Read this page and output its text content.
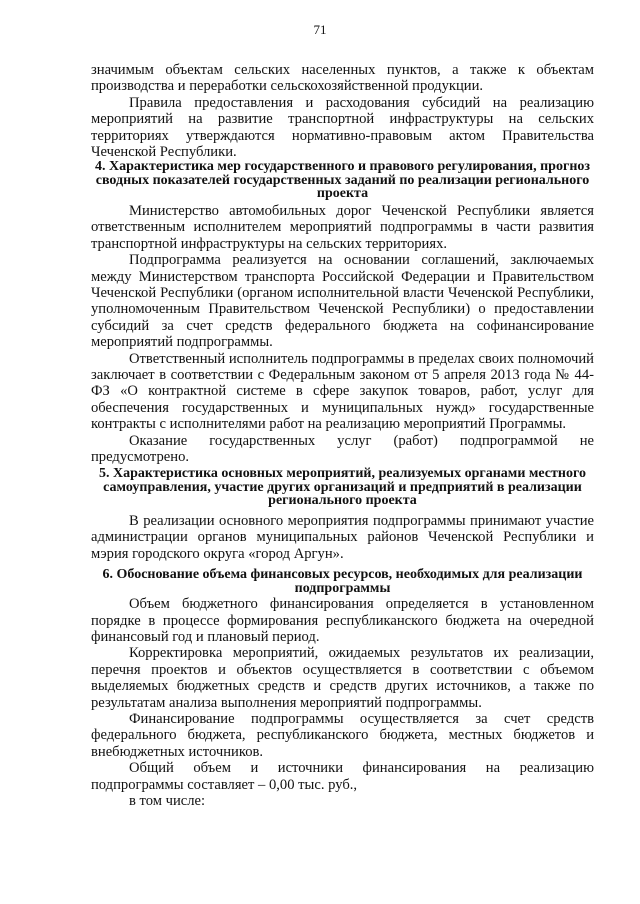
71

значимым объектам сельских населенных пунктов, а также к объектам производства и переработки сельскохозяйственной продукции.

Правила предоставления и расходования субсидий на реализацию мероприятий на развитие транспортной инфраструктуры на сельских территориях утверждаются нормативно-правовым актом Правительства Чеченской Республики.

4. Характеристика мер государственного и правового регулирования, прогноз сводных показателей государственных заданий по реализации регионального проекта

Министерство автомобильных дорог Чеченской Республики является ответственным исполнителем мероприятий подпрограммы в части развития транспортной инфраструктуры на сельских территориях.

Подпрограмма реализуется на основании соглашений, заключаемых между Министерством транспорта Российской Федерации и Правительством Чеченской Республики (органом исполнительной власти Чеченской Республики, уполномоченным Правительством Чеченской Республики) о предоставлении субсидий за счет средств федерального бюджета на софинансирование мероприятий подпрограммы.

Ответственный исполнитель подпрограммы в пределах своих полномочий заключает в соответствии с Федеральным законом от 5 апреля 2013 года № 44-ФЗ «О контрактной системе в сфере закупок товаров, работ, услуг для обеспечения государственных и муниципальных нужд» государственные контракты с исполнителями работ на реализацию мероприятий Программы.

Оказание государственных услуг (работ) подпрограммой не предусмотрено.

5. Характеристика основных мероприятий, реализуемых органами местного самоуправления, участие других организаций и предприятий в реализации регионального проекта

В реализации основного мероприятия подпрограммы принимают участие администрации органов муниципальных районов Чеченской Республики и мэрия городского округа «город Аргун».

6. Обоснование объема финансовых ресурсов, необходимых для реализации подпрограммы

Объем бюджетного финансирования определяется в установленном порядке в процессе формирования республиканского бюджета на очередной финансовый год и плановый период.

Корректировка мероприятий, ожидаемых результатов их реализации, перечня проектов и объектов осуществляется в соответствии с объемом выделяемых бюджетных средств и средств других источников, а также по результатам анализа выполнения мероприятий подпрограммы.

Финансирование подпрограммы осуществляется за счет средств федерального бюджета, республиканского бюджета, местных бюджетов и внебюджетных источников.

Общий объем и источники финансирования на реализацию подпрограммы составляет – 0,00 тыс. руб.,

в том числе:
